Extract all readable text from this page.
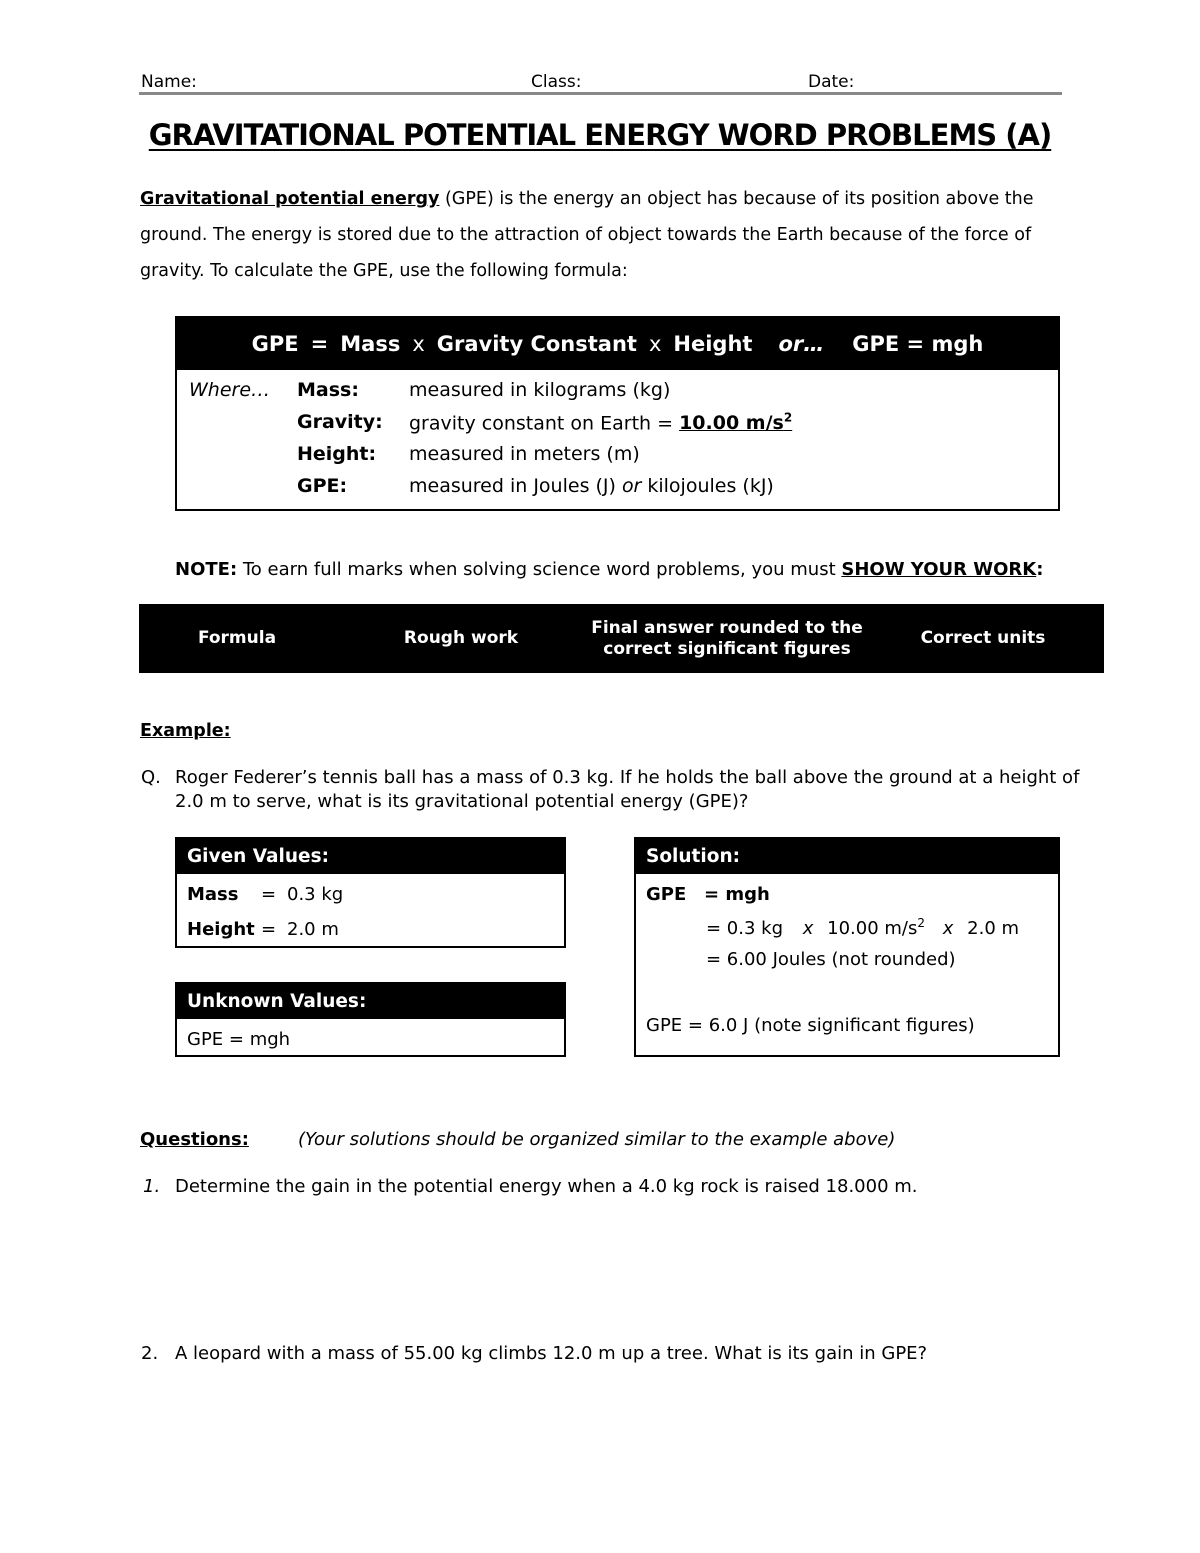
Name:	Class:	Date:
GRAVITATIONAL POTENTIAL ENERGY WORD PROBLEMS (A)
Gravitational potential energy (GPE) is the energy an object has because of its position above the
ground. The energy is stored due to the attraction of object towards the Earth because of the force of
gravity. To calculate the GPE, use the following formula:
GPE = Mass x Gravity Constant x Height or… GPE = mgh
Where… Mass:	measured in kilograms (kg)
Gravity: gravity constant on Earth = 10.00 $m/s^2$
Height: measured in meters (m)
GPE:	measured in Joules (J) or kilojoules (kJ)
NOTE: To earn full marks when solving science word problems, you must SHOW YOUR WORK:
Formula	Rough work
Final answer rounded to the
correct significant figures
Correct units
Example:
Q. Roger Federer’s tennis ball has a mass of 0.3 kg. If he holds the ball above the ground at a height of
2.0 m to serve, what is its gravitational potential energy (GPE)?
Given Values:
Mass = 0.3 kg
Height = 2.0 m
Unknown Values:
GPE = mgh
Solution:
GPE = mgh
= 0.3 kg x 10.00 $m/s^2$ x 2.0 m
= 6.00 Joules (not rounded)
GPE = 6.0 J (note significant figures)
Questions:	(Your solutions should be organized similar to the example above)
1. Determine the gain in the potential energy when a 4.0 kg rock is raised 18.000 m.
2. A leopard with a mass of 55.00 kg climbs 12.0 m up a tree. What is its gain in GPE?
